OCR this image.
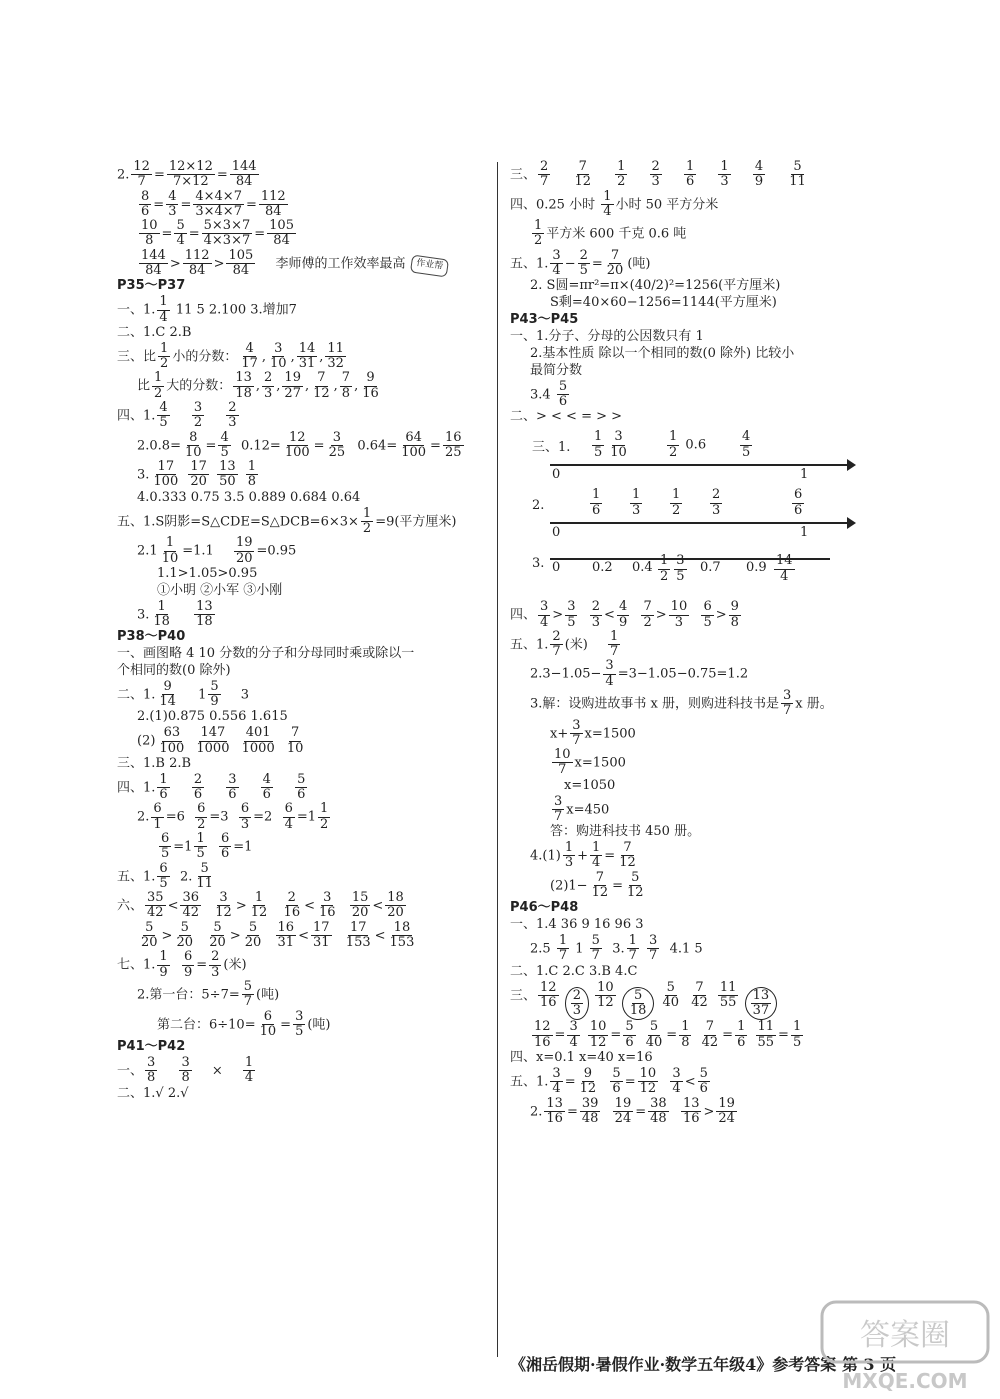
2. $\frac{12}{7} = \frac{12\times 12}{7\times 12} = \frac{144}{84}$

$\frac{8}{6} = \frac{4}{3} = \frac{4\times 4\times 7}{3\times 4\times 7} = \frac{112}{84}$

$\frac{10}{8} = \frac{5}{4} = \frac{5\times 3\times 7}{4\times 3\times 7} = \frac{105}{84}$

$\frac{144}{84} > \frac{112}{84} > \frac{105}{84}$ 李师傅的工作效率最高 作业帮

P35～P37

一、1. $\frac{1}{4} 11$ 5 2.100 3.增加7

二、1.C 2.B

三、比 $\frac{1}{2}$ 小的分数： $\frac{4}{17}$ , $\frac{3}{10}$ , $\frac{14}{31}$ , $\frac{11}{32}$

比 $\frac{1}{2}$ 大的分数： $\frac{13}{18}$ , $\frac{2}{3}$ , $\frac{19}{27}$ , $\frac{7}{12}$ , $\frac{7}{8}$ , $\frac{9}{16}$

四、1. $\frac{4}{5}$
$\frac{3}{2}$
$\frac{2}{3}$

$2.0.8= \frac{8}{10} = \frac{4}{5} 0.12= \frac{12}{100} = \frac{3}{25} 0.64= \frac{64}{100} = \frac{16}{25}$

3. $\frac{17}{100}$
$\frac{17}{20}$
$\frac{13}{50}$
$\frac{1}{8}$

4.0.333 0.75 3.5 0.889 0.684 0.64

五、1.S阴影=S△CDE=S△DCB=6×3× $\frac{1}{2} =9$(平方厘米)

$2.1 \frac{1}{10} =1.1 \frac{19}{20} =0.95$

1.1>1.05>0.95

①小明 ②小军 ③小刚

3. $\frac{1}{18}$
$\frac{13}{18}$

P38～P40

一、画图略 4 10 分数的分子和分母同时乘或除以一

个相同的数(0 除外)

二、1. $\frac{9}{14} 1 \frac{5}{9} 3$

2.(1)0.875 0.556 1.615

$(2) \frac{63}{100}$
$\frac{147}{1000}$
$\frac{401}{1000}$
$\frac{7}{10}$

三、1.B 2.B

四、1. $\frac{1}{6}$
$\frac{2}{6}$
$\frac{3}{6}$
$\frac{4}{6}$
$\frac{5}{6}$

2. $\frac{6}{1} =6 \frac{6}{2} =3 \frac{6}{3} =2 \frac{6}{4} =1 \frac{1}{2}$

$\frac{6}{5} =1 \frac{1}{5}$
$\frac{6}{6} =1$

五、1. $\frac{6}{5} 2$. $\frac{5}{11}$

六、 $\frac{35}{42} < \frac{36}{42}$
$\frac{3}{12} > \frac{1}{12}$
$\frac{2}{16} < \frac{3}{16}$
$\frac{15}{20} < \frac{18}{20}$

$\frac{5}{20} > \frac{5}{20}$
$\frac{5}{20} > \frac{5}{20}$
$\frac{16}{31} < \frac{17}{31}$
$\frac{17}{153} < \frac{18}{153}$

七、1. $\frac{1}{9}$
$\frac{6}{9} = \frac{2}{3}$ (米)

2.第一台：$5\div 7= \frac{5}{7}$ (吨)

第二台：$6\div 10= \frac{6}{10} = \frac{3}{5}$ (吨)

P41～P42

一、 $\frac{3}{8}$
$\frac{3}{8} \times \frac{1}{4}$

二、1.√ 2.√

三、 $\frac{2}{7}$
$\frac{7}{12}$
$\frac{1}{2}$
$\frac{2}{3}$
$\frac{1}{6}$
$\frac{1}{3}$
$\frac{4}{9}$
$\frac{5}{11}$

四、0.25 小时 $\frac{1}{4}$ 小时 50 平方分米

$\frac{1}{2}$ 平方米 600 千克 0.6 吨

五、1. $\frac{3}{4} - \frac{2}{5} = \frac{7}{20}$ (吨)

2. S圆=πr²=π×(40/2)²=1256(平方厘米)

S剩=40×60−1256=1144(平方厘米)

P43～P45

一、1.分子、分母的公因数只有 1

2.基本性质 除以一个相同的数(0 除外) 比较小

最简分数

$3.4 \frac{5}{6}$

二、> < < = > >

三、1. $\frac{1}{5} \frac{3}{10}$	$\frac{1}{2} 0.6$	$\frac{4}{5}$
0	1
2.	$\frac{1}{6} \frac{1}{3} \frac{1}{2} \frac{2}{3}$	$\frac{6}{6}$
0	1
3. 0 0.2 $0.4 \frac{1}{2} \frac{3}{5} 0.7$ $0.9 \frac{14}{4}$

四、 $\frac{3}{4} > \frac{3}{5}$
$\frac{2}{3} < \frac{4}{9}$
$\frac{7}{2} > \frac{10}{3}$
$\frac{6}{5} > \frac{9}{8}$

五、1. $\frac{2}{7}$ (米) $\frac{1}{7}$

$2.3-1.05- \frac{3}{4} =3-1.05-0.75=1.2$

3.解：设购进故事书 x 册，则购进科技书是 $\frac{3}{7}$ x 册。

$x+ \frac{3}{7} x=1500$

$\frac{10}{7} x=1500$

x=1050

$\frac{3}{7} x=450$

答：购进科技书 450 册。

$4.(1) \frac{1}{3} + \frac{1}{4} = \frac{7}{12}$

$(2)1- \frac{7}{12} = \frac{5}{12}$

P46～P48

一、1.4 36 9 16 96 3

$2.5 \frac{1}{7} 1 \frac{5}{7} 3$. $\frac{1}{7}$
$\frac{3}{7} 4.1$ 5

二、1.C 2.C 3.B 4.C

三、 $\frac{12}{16}$
2
3

$\frac{10}{12}$
5
18

$\frac{5}{40}$
$\frac{7}{42}$
$\frac{11}{55}$
13
37

$\frac{12}{16} = \frac{3}{4}$
$\frac{10}{12} = \frac{5}{6}$
$\frac{5}{40} = \frac{1}{8}$
$\frac{7}{42} = \frac{1}{6}$
$\frac{11}{55} = \frac{1}{5}$

四、x=0.1 x=40 x=16

五、1. $\frac{3}{4} = \frac{9}{12}$
$\frac{5}{6} = \frac{10}{12}$
$\frac{3}{4} < \frac{5}{6}$

2. $\frac{13}{16} = \frac{39}{48}$
$\frac{19}{24} = \frac{38}{48}$
$\frac{13}{16} > \frac{19}{24}$

《湘岳假期·暑假作业·数学五年级4》参考答案 第 3 页
答案圈
MXQE.COM
